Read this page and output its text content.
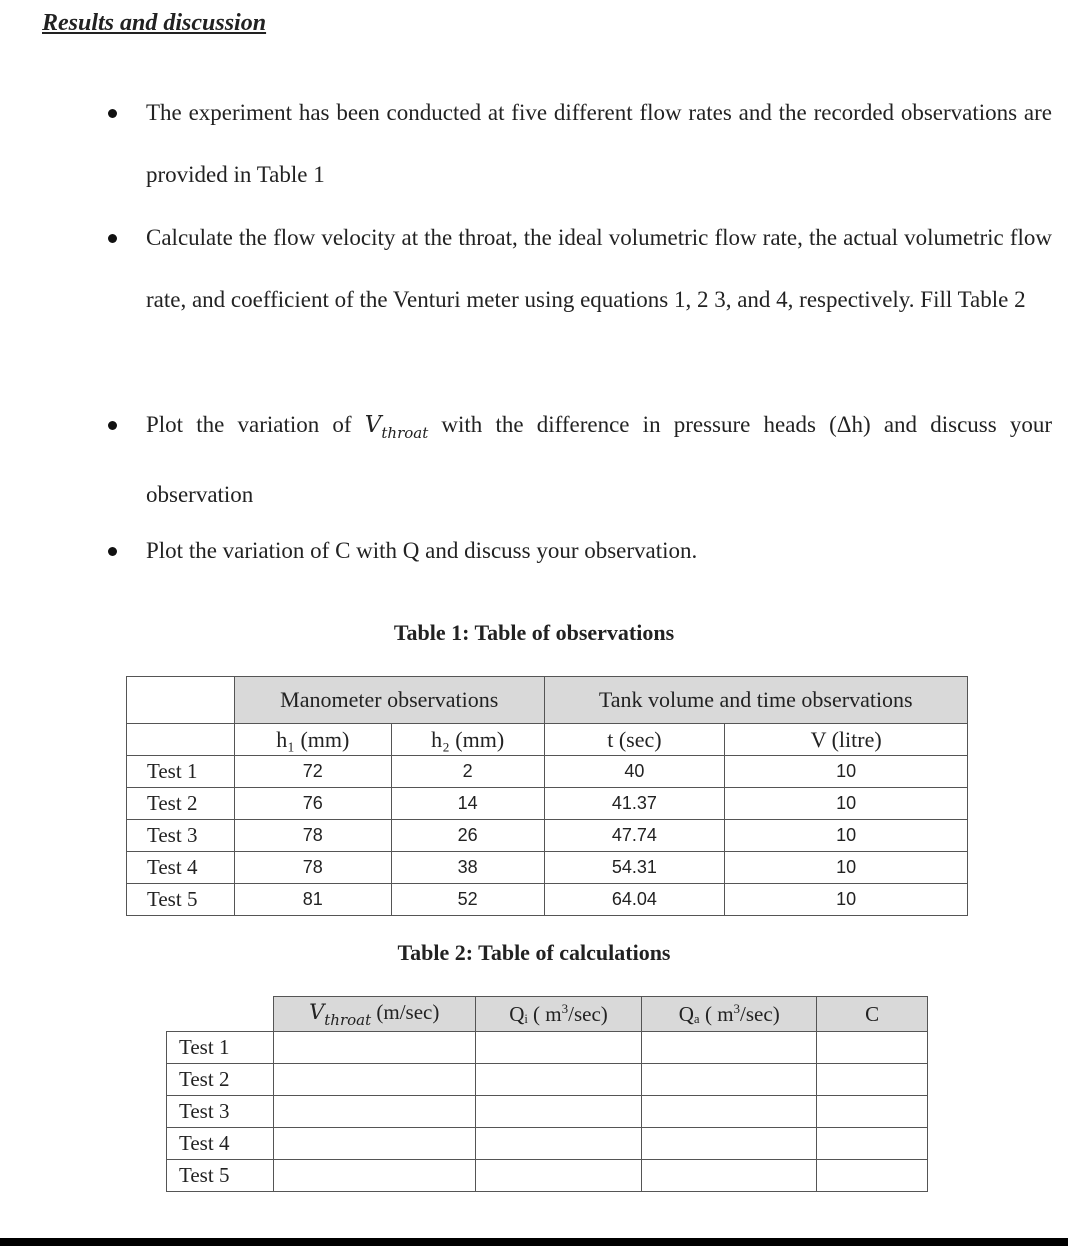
Results and discussion
The experiment has been conducted at five different flow rates and the recorded observations are provided in Table 1
Calculate the flow velocity at the throat, the ideal volumetric flow rate, the actual volumetric flow rate, and coefficient of the Venturi meter using equations 1, 2 3, and 4, respectively. Fill Table 2
Plot the variation of $V_{throat}$ with the difference in pressure heads (Δh) and discuss your observation
Plot the variation of C with Q and discuss your observation.
Table 1: Table of observations
	Manometer observations		Tank volume and time observations	
	h₁ (mm)	h₂ (mm)	t (sec)	V (litre)
Test 1	72	2	40	10
Test 2	76	14	41.37	10
Test 3	78	26	47.74	10
Test 4	78	38	54.31	10
Test 5	81	52	64.04	10
Table 2: Table of calculations
	$V_{throat}$ (m/sec)	Qᵢ ( $m^3/\sec$)	Qₐ ( $m^3/\sec$)	C
Test 1				
Test 2				
Test 3				
Test 4				
Test 5				
